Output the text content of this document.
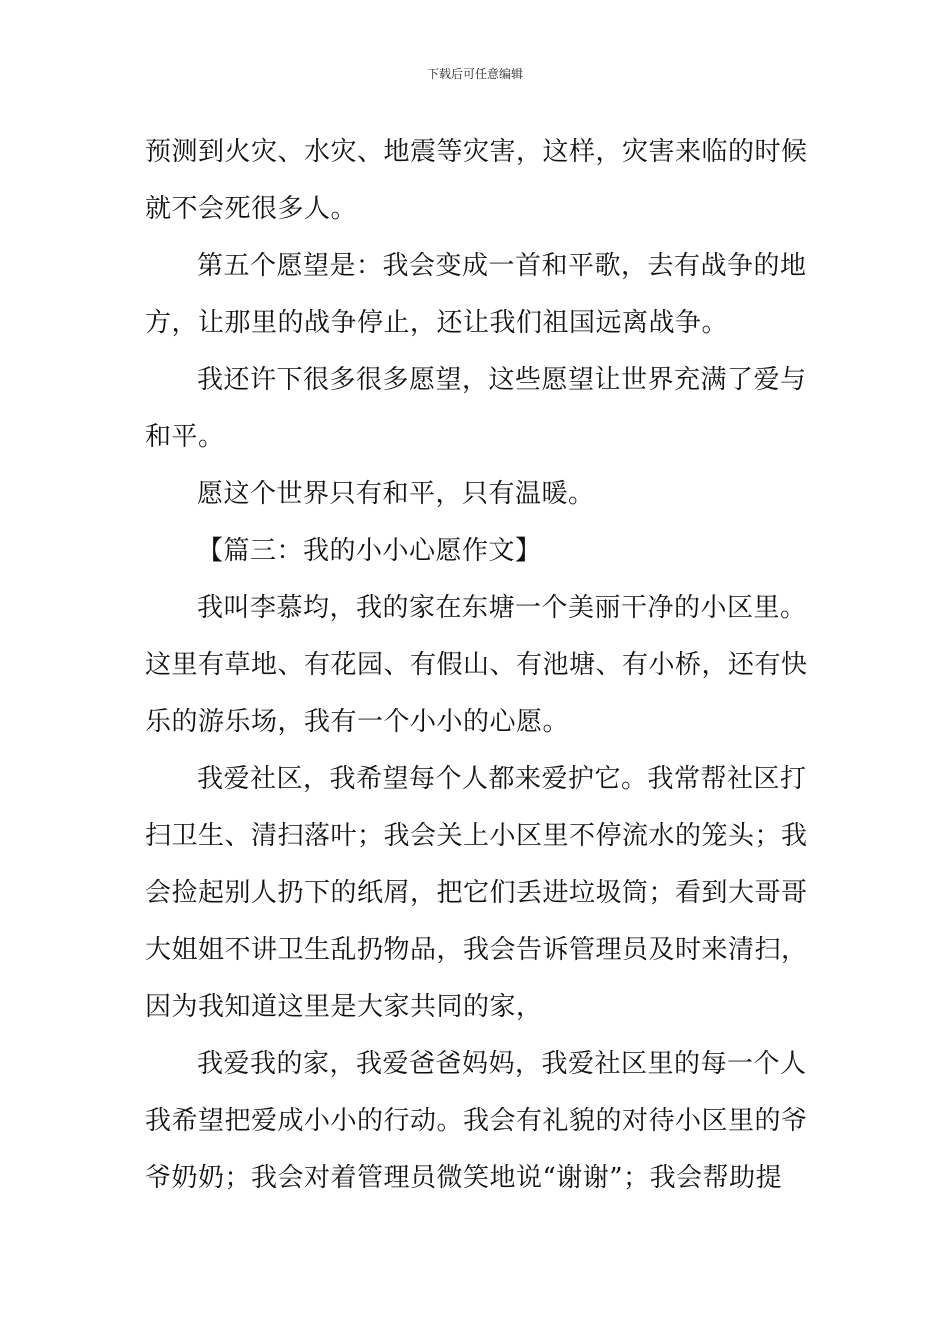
下载后可任意编辑
预测到火灾、水灾、地震等灾害，这样，灾害来临的时候
就不会死很多人。
第五个愿望是：我会变成一首和平歌，去有战争的地
方，让那里的战争停止，还让我们祖国远离战争。
我还许下很多很多愿望，这些愿望让世界充满了爱与
和平。
愿这个世界只有和平，只有温暖。
【篇三：我的小小心愿作文】
我叫李慕均，我的家在东塘一个美丽干净的小区里。
这里有草地、有花园、有假山、有池塘、有小桥，还有快
乐的游乐场，我有一个小小的心愿。
我爱社区，我希望每个人都来爱护它。我常帮社区打
扫卫生、清扫落叶；我会关上小区里不停流水的笼头；我
会捡起别人扔下的纸屑，把它们丢进垃圾筒；看到大哥哥
大姐姐不讲卫生乱扔物品，我会告诉管理员及时来清扫，
因为我知道这里是大家共同的家，
我爱我的家，我爱爸爸妈妈，我爱社区里的每一个人
我希望把爱成小小的行动。我会有礼貌的对待小区里的爷
爷奶奶；我会对着管理员微笑地说“谢谢”；我会帮助提
